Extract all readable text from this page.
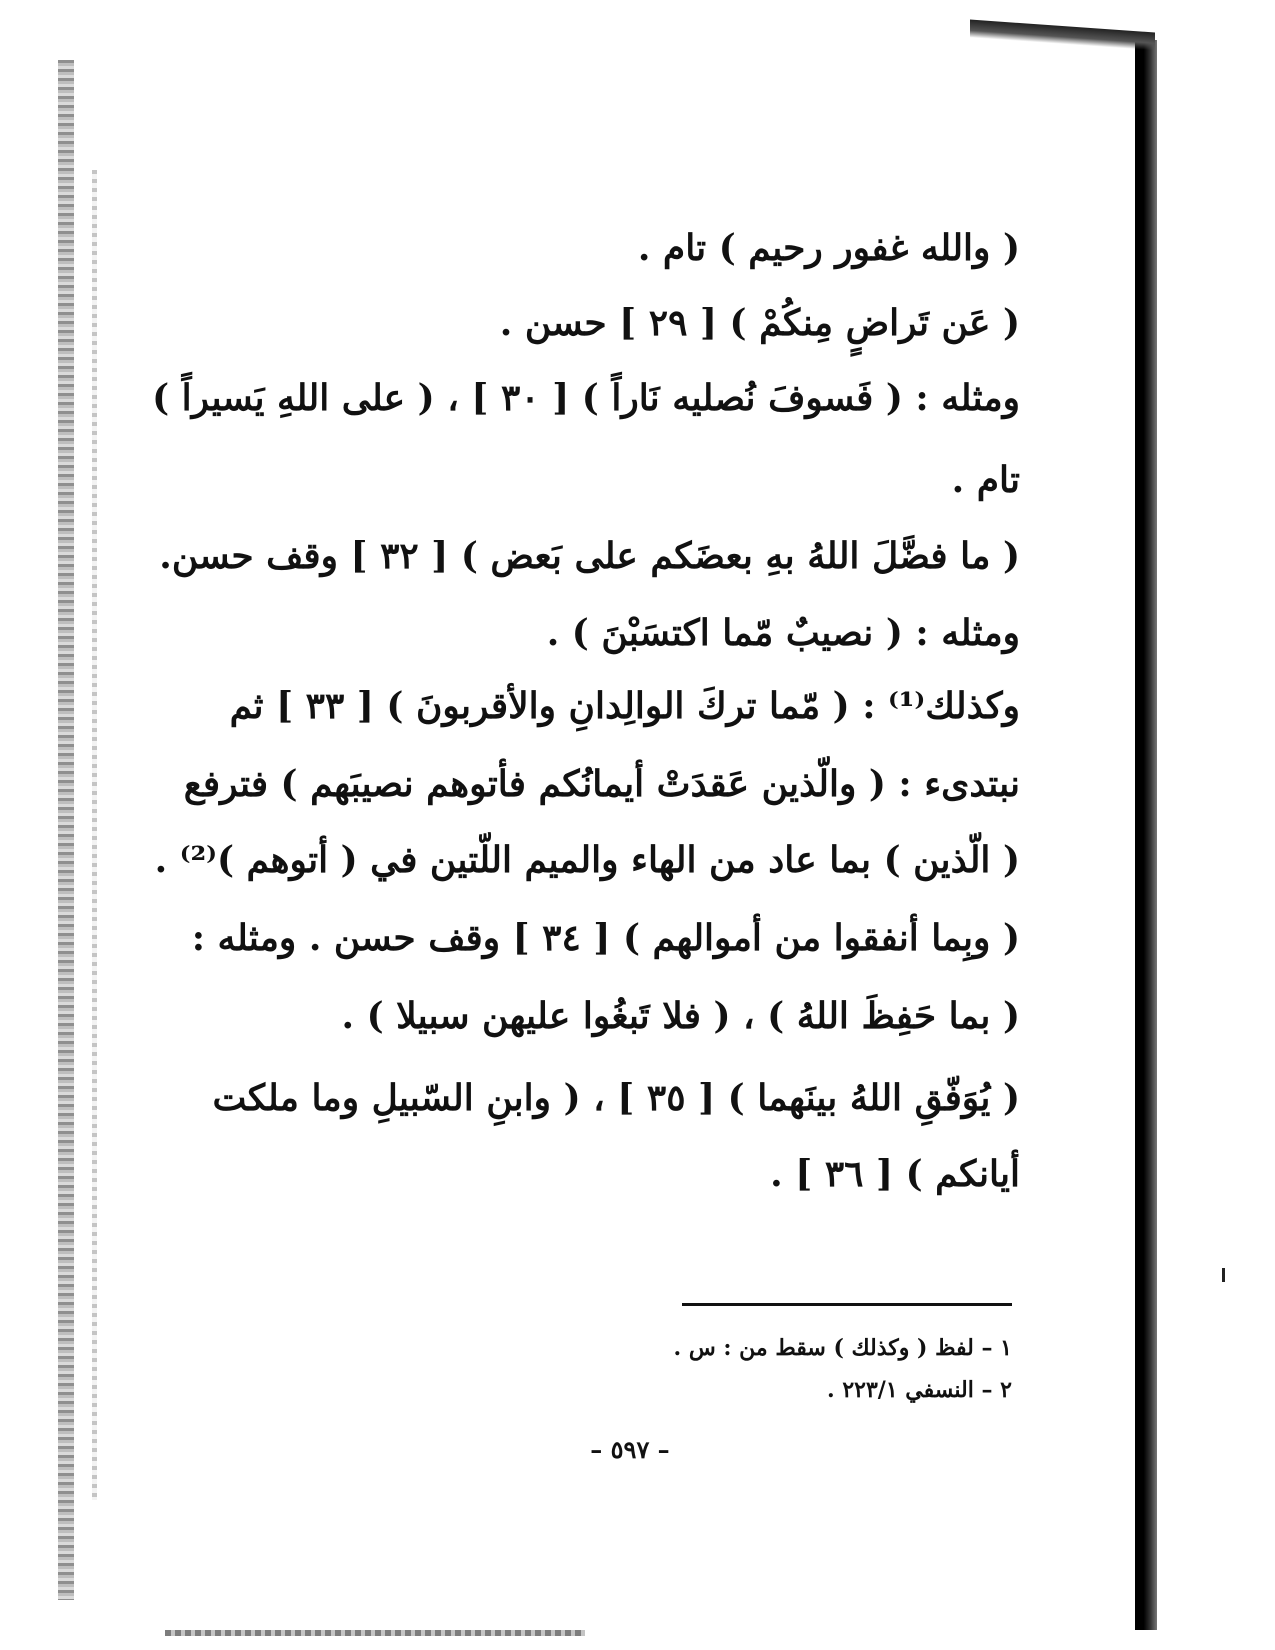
( والله غفور رحيم ) تام .
( عَن تَراضٍ مِنكُمْ ) [ ٢٩ ] حسن .
ومثله : ( فَسوفَ نُصليه نَاراً ) [ ٣٠ ] ، ( على اللهِ يَسيراً )
تام .
( ما فضَّلَ اللهُ بهِ بعضَكم على بَعض ) [ ٣٢ ] وقف حسن.
ومثله : ( نصيبٌ مّما اكتسَبْنَ ) .
وكذلك⁽¹⁾ : ( مّما تركَ الوالِدانِ والأقربونَ ) [ ٣٣ ] ثم
نبتدىء : ( والّذين عَقدَتْ أيمانُكم فأتوهم نصيبَهم ) فترفع
( الّذين ) بما عاد من الهاء والميم اللّتين في ( أتوهم )⁽²⁾ .
( وبِما أنفقوا من أموالهم ) [ ٣٤ ] وقف حسن . ومثله :
( بما حَفِظَ اللهُ ) ، ( فلا تَبغُوا عليهن سبيلا ) .
( يُوَفّقِ اللهُ بينَهما ) [ ٣٥ ] ، ( وابنِ السّبيلِ وما ملكت
أيانكم ) [ ٣٦ ] .
١ – لفظ ( وكذلك ) سقط من : س .
٢ – النسفي ٢٢٣/١ .
– ٥٩٧ –
